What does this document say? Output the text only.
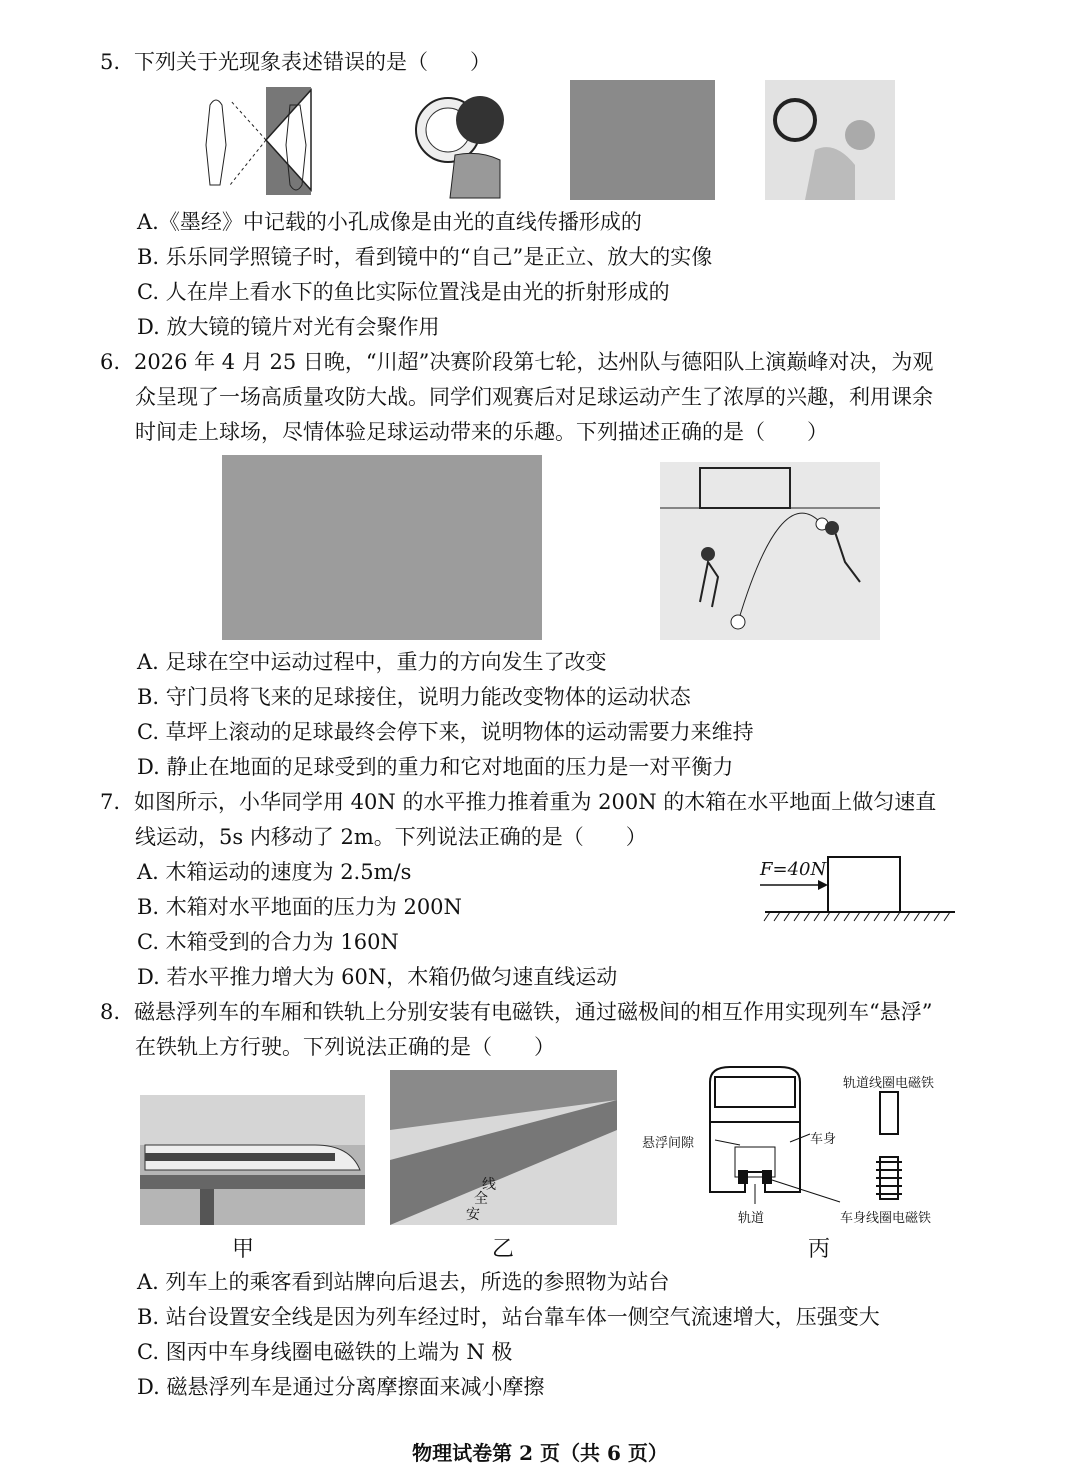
5. 下列关于光现象表述错误的是（　　）
A.《墨经》中记载的小孔成像是由光的直线传播形成的
B. 乐乐同学照镜子时，看到镜中的“自己”是正立、放大的实像
C. 人在岸上看水下的鱼比实际位置浅是由光的折射形成的
D. 放大镜的镜片对光有会聚作用
6. 2026 年 4 月 25 日晚，“川超”决赛阶段第七轮，达州队与德阳队上演巅峰对决，为观
众呈现了一场高质量攻防大战。同学们观赛后对足球运动产生了浓厚的兴趣，利用课余
时间走上球场，尽情体验足球运动带来的乐趣。下列描述正确的是（　　）
A. 足球在空中运动过程中，重力的方向发生了改变
B. 守门员将飞来的足球接住，说明力能改变物体的运动状态
C. 草坪上滚动的足球最终会停下来，说明物体的运动需要力来维持
D. 静止在地面的足球受到的重力和它对地面的压力是一对平衡力
7. 如图所示，小华同学用 40N 的水平推力推着重为 200N 的木箱在水平地面上做匀速直
线运动，5s 内移动了 2m。下列说法正确的是（　　）
A. 木箱运动的速度为 2.5m/s
B. 木箱对水平地面的压力为 200N
C. 木箱受到的合力为 160N
D. 若水平推力增大为 60N，木箱仍做匀速直线运动
F=40N
8. 磁悬浮列车的车厢和铁轨上分别安装有电磁铁，通过磁极间的相互作用实现列车“悬浮”
在铁轨上方行驶。下列说法正确的是（　　）
线
全
安
轨道线圈电磁铁
车身
悬浮间隙
轨道	车身线圈电磁铁
甲	乙	丙
A. 列车上的乘客看到站牌向后退去，所选的参照物为站台
B. 站台设置安全线是因为列车经过时，站台靠车体一侧空气流速增大，压强变大
C. 图丙中车身线圈电磁铁的上端为 N 极
D. 磁悬浮列车是通过分离摩擦面来减小摩擦
物理试卷第 2 页（共 6 页）
